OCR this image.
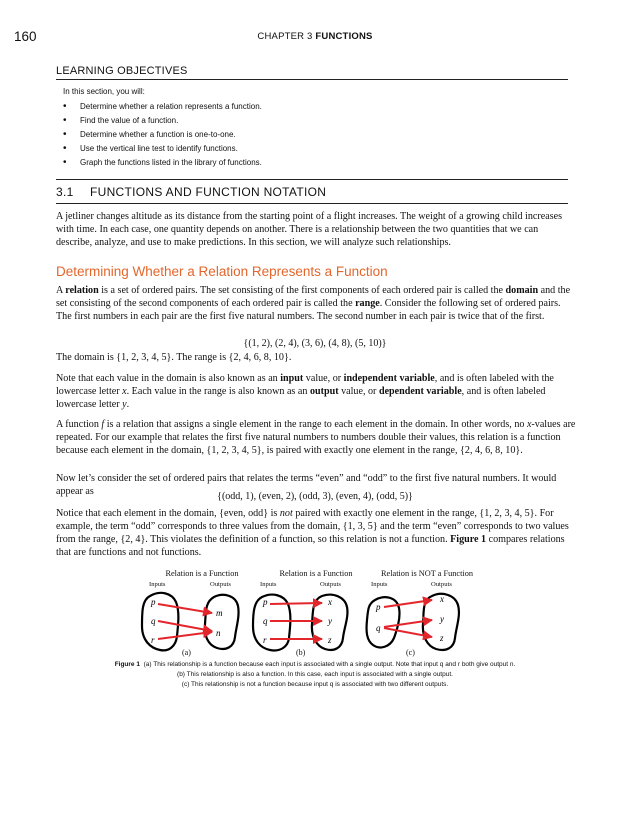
160	CHAPTER 3 FUNCTIONS
LEARNING OBJECTIVES
In this section, you will:
• Determine whether a relation represents a function.
• Find the value of a function.
• Determine whether a function is one-to-one.
• Use the vertical line test to identify functions.
• Graph the functions listed in the library of functions.
3.1 FUNCTIONS AND FUNCTION NOTATION

A jetliner changes altitude as its distance from the starting point of a flight increases. The weight of a growing child increases with time. In each case, one quantity depends on another. There is a relationship between the two quantities that we can describe, analyze, and use to make predictions. In this section, we will analyze such relationships.

Determining Whether a Relation Represents a Function

A relation is a set of ordered pairs. The set consisting of the first components of each ordered pair is called the domain and the set consisting of the second components of each ordered pair is called the range. Consider the following set of ordered pairs. The first numbers in each pair are the first five natural numbers. The second number in each pair is twice that of the first.

{(1, 2), (2, 4), (3, 6), (4, 8), (5, 10)}

The domain is {1, 2, 3, 4, 5}. The range is {2, 4, 6, 8, 10}.

Note that each value in the domain is also known as an input value, or independent variable, and is often labeled with the lowercase letter x. Each value in the range is also known as an output value, or dependent variable, and is often labeled lowercase letter y.

A function f is a relation that assigns a single element in the range to each element in the domain. In other words, no x-values are repeated. For our example that relates the first five natural numbers to numbers double their values, this relation is a function because each element in the domain, {1, 2, 3, 4, 5}, is paired with exactly one element in the range, {2, 4, 6, 8, 10}.

Now let’s consider the set of ordered pairs that relates the terms “even” and “odd” to the first five natural numbers. It would appear as	{(odd, 1), (even, 2), (odd, 3), (even, 4), (odd, 5)}

Notice that each element in the domain, {even, odd} is not paired with exactly one element in the range, {1, 2, 3, 4, 5}. For example, the term “odd” corresponds to three values from the domain, {1, 3, 5} and the term “even” corresponds to two values from the range, {2, 4}. This violates the definition of a function, so this relation is not a function. Figure 1 compares relations that are functions and not functions.

Relation is a Function
Inputs	Outputs
Relation is a Function
Inputs	Outputs
Relation is NOT a Function
Inputs	Outputs
p
q
r
m
n
p
q
r
x
y
z
p
q
x
y
z
(a)	(b)	(c)
Figure 1 (a) This relationship is a function because each input is associated with a single output. Note that input q and r both give output n.
(b) This relationship is also a function. In this case, each input is associated with a single output.
(c) This relationship is not a function because input q is associated with two different outputs.
